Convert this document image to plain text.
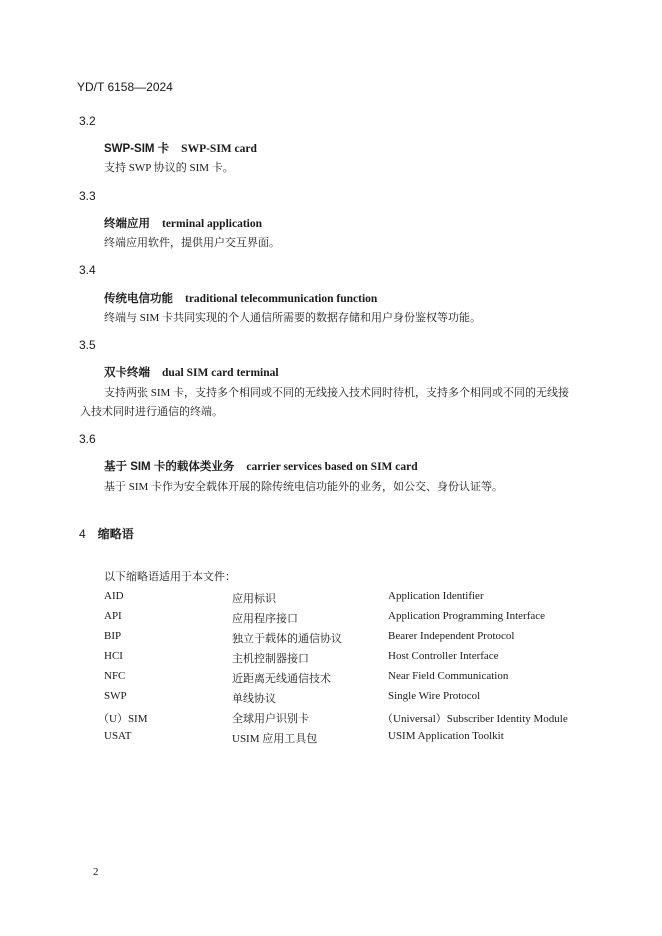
YD/T 6158—2024
3.2
SWP-SIM 卡 SWP-SIM card
支持 SWP 协议的 SIM 卡。
3.3
终端应用 terminal application
终端应用软件，提供用户交互界面。
3.4
传统电信功能 traditional telecommunication function
终端与 SIM 卡共同实现的个人通信所需要的数据存储和用户身份鉴权等功能。
3.5
双卡终端 dual SIM card terminal
支持两张 SIM 卡，支持多个相同或不同的无线接入技术同时待机，支持多个相同或不同的无线接
入技术同时进行通信的终端。
3.6
基于 SIM 卡的载体类业务 carrier services based on SIM card
基于 SIM 卡作为安全载体开展的除传统电信功能外的业务，如公交、身份认证等。
4 缩略语
以下缩略语适用于本文件：
AID	应用标识	Application Identifier
API	应用程序接口	Application Programming Interface
BIP	独立于载体的通信协议	Bearer Independent Protocol
HCI	主机控制器接口	Host Controller Interface
NFC	近距离无线通信技术	Near Field Communication
SWP	单线协议	Single Wire Protocol
（U）SIM	全球用户识别卡	（Universal）Subscriber Identity Module
USAT	USIM 应用工具包	USIM Application Toolkit
2
